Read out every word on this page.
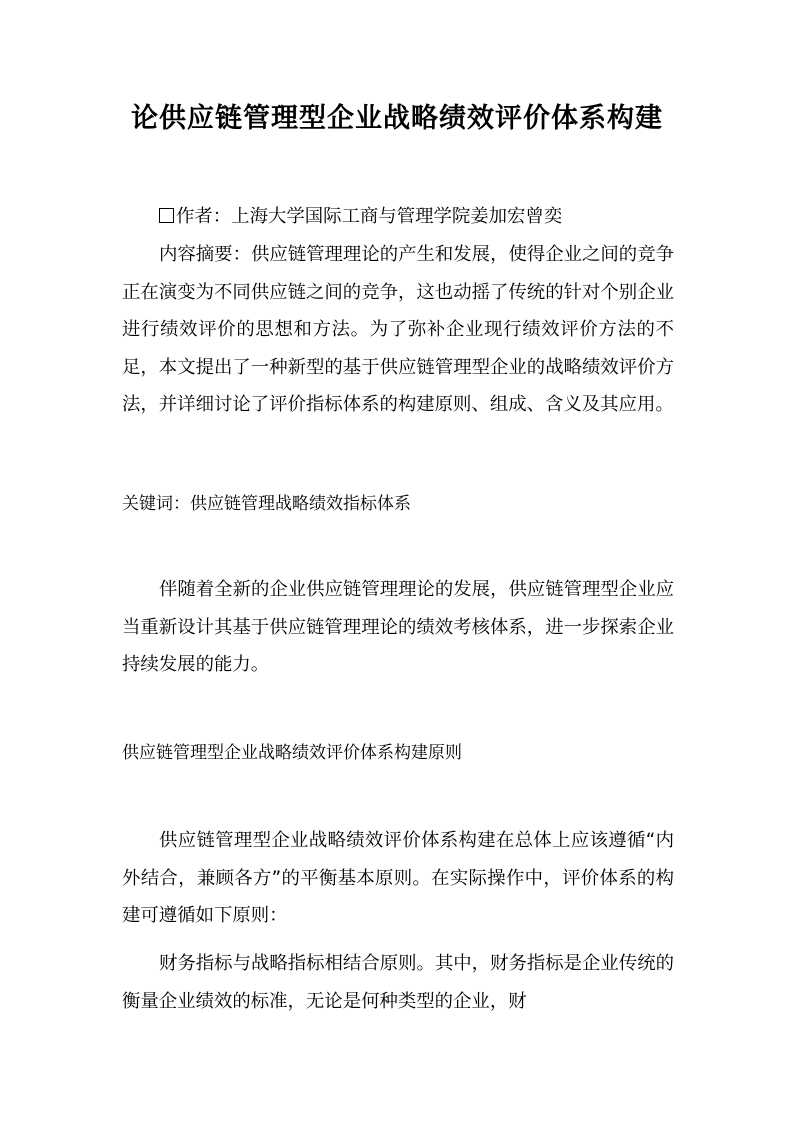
论供应链管理型企业战略绩效评价体系构建

作者：上海大学国际工商与管理学院姜加宏曾奕

内容摘要：供应链管理理论的产生和发展，使得企业之间的竞争正在演变为不同供应链之间的竞争，这也动摇了传统的针对个别企业进行绩效评价的思想和方法。为了弥补企业现行绩效评价方法的不足，本文提出了一种新型的基于供应链管理型企业的战略绩效评价方法，并详细讨论了评价指标体系的构建原则、组成、含义及其应用。

关键词：供应链管理战略绩效指标体系

伴随着全新的企业供应链管理理论的发展，供应链管理型企业应当重新设计其基于供应链管理理论的绩效考核体系，进一步探索企业持续发展的能力。

供应链管理型企业战略绩效评价体系构建原则

供应链管理型企业战略绩效评价体系构建在总体上应该遵循“内外结合，兼顾各方”的平衡基本原则。在实际操作中，评价体系的构建可遵循如下原则：

财务指标与战略指标相结合原则。其中，财务指标是企业传统的衡量企业绩效的标准，无论是何种类型的企业，财
